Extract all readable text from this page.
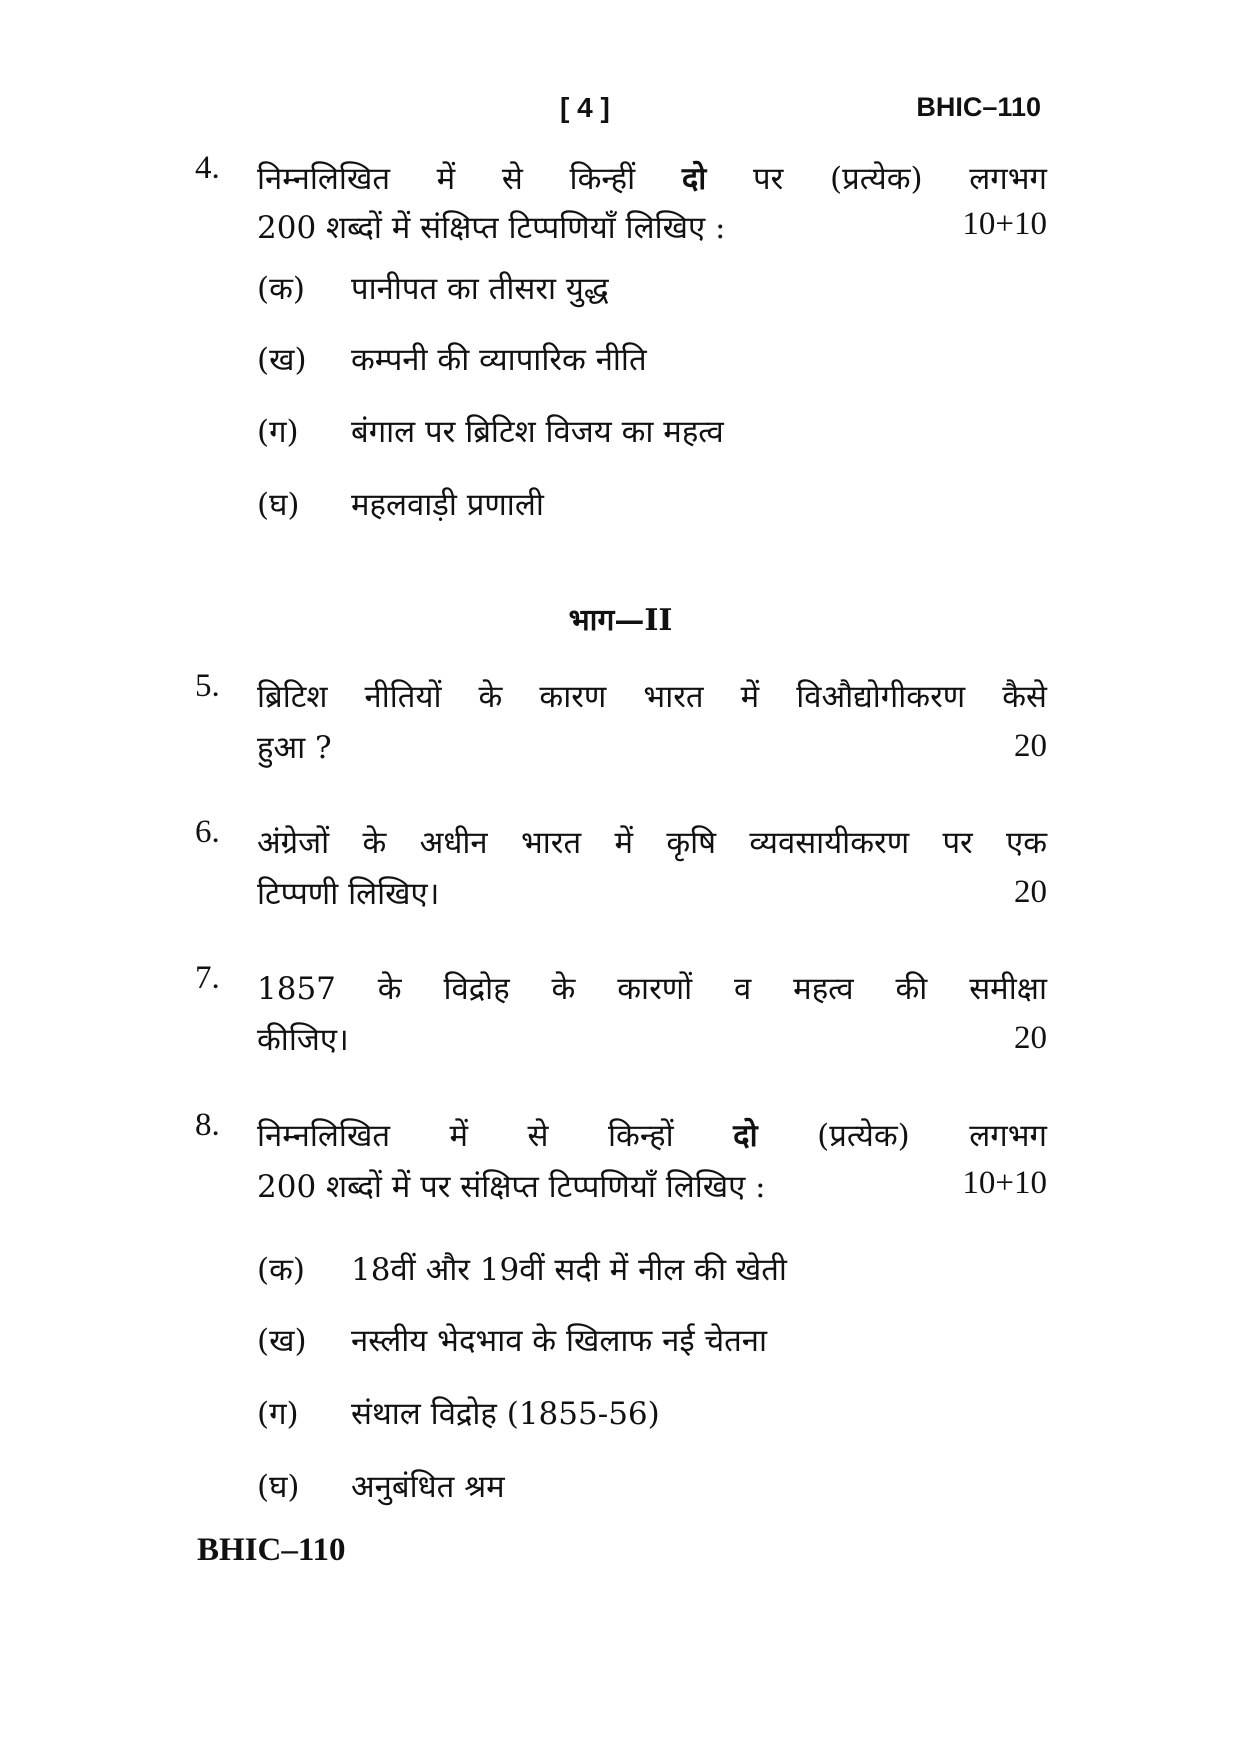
[ 4 ]	BHIC–110
4. निम्नलिखित में से किन्हीं दो पर (प्रत्येक) लगभग
200 शब्दों में संक्षिप्त टिप्पणियाँ लिखिए :	10+10
(क) पानीपत का तीसरा युद्ध
(ख) कम्पनी की व्यापारिक नीति
(ग) बंगाल पर ब्रिटिश विजय का महत्व
(घ) महलवाड़ी प्रणाली
भाग—II
5. ब्रिटिश नीतियों के कारण भारत में विऔद्योगीकरण कैसे
हुआ ?	20
6. अंग्रेजों के अधीन भारत में कृषि व्यवसायीकरण पर एक
टिप्पणी लिखिए।	20
7. 1857 के विद्रोह के कारणों व महत्व की समीक्षा
कीजिए।	20
8. निम्नलिखित में से किन्हों दो (प्रत्येक) लगभग
200 शब्दों में पर संक्षिप्त टिप्पणियाँ लिखिए :	10+10
(क) 18वीं और 19वीं सदी में नील की खेती
(ख) नस्लीय भेदभाव के खिलाफ नई चेतना
(ग) संथाल विद्रोह (1855-56)
(घ) अनुबंधित श्रम
BHIC–110
